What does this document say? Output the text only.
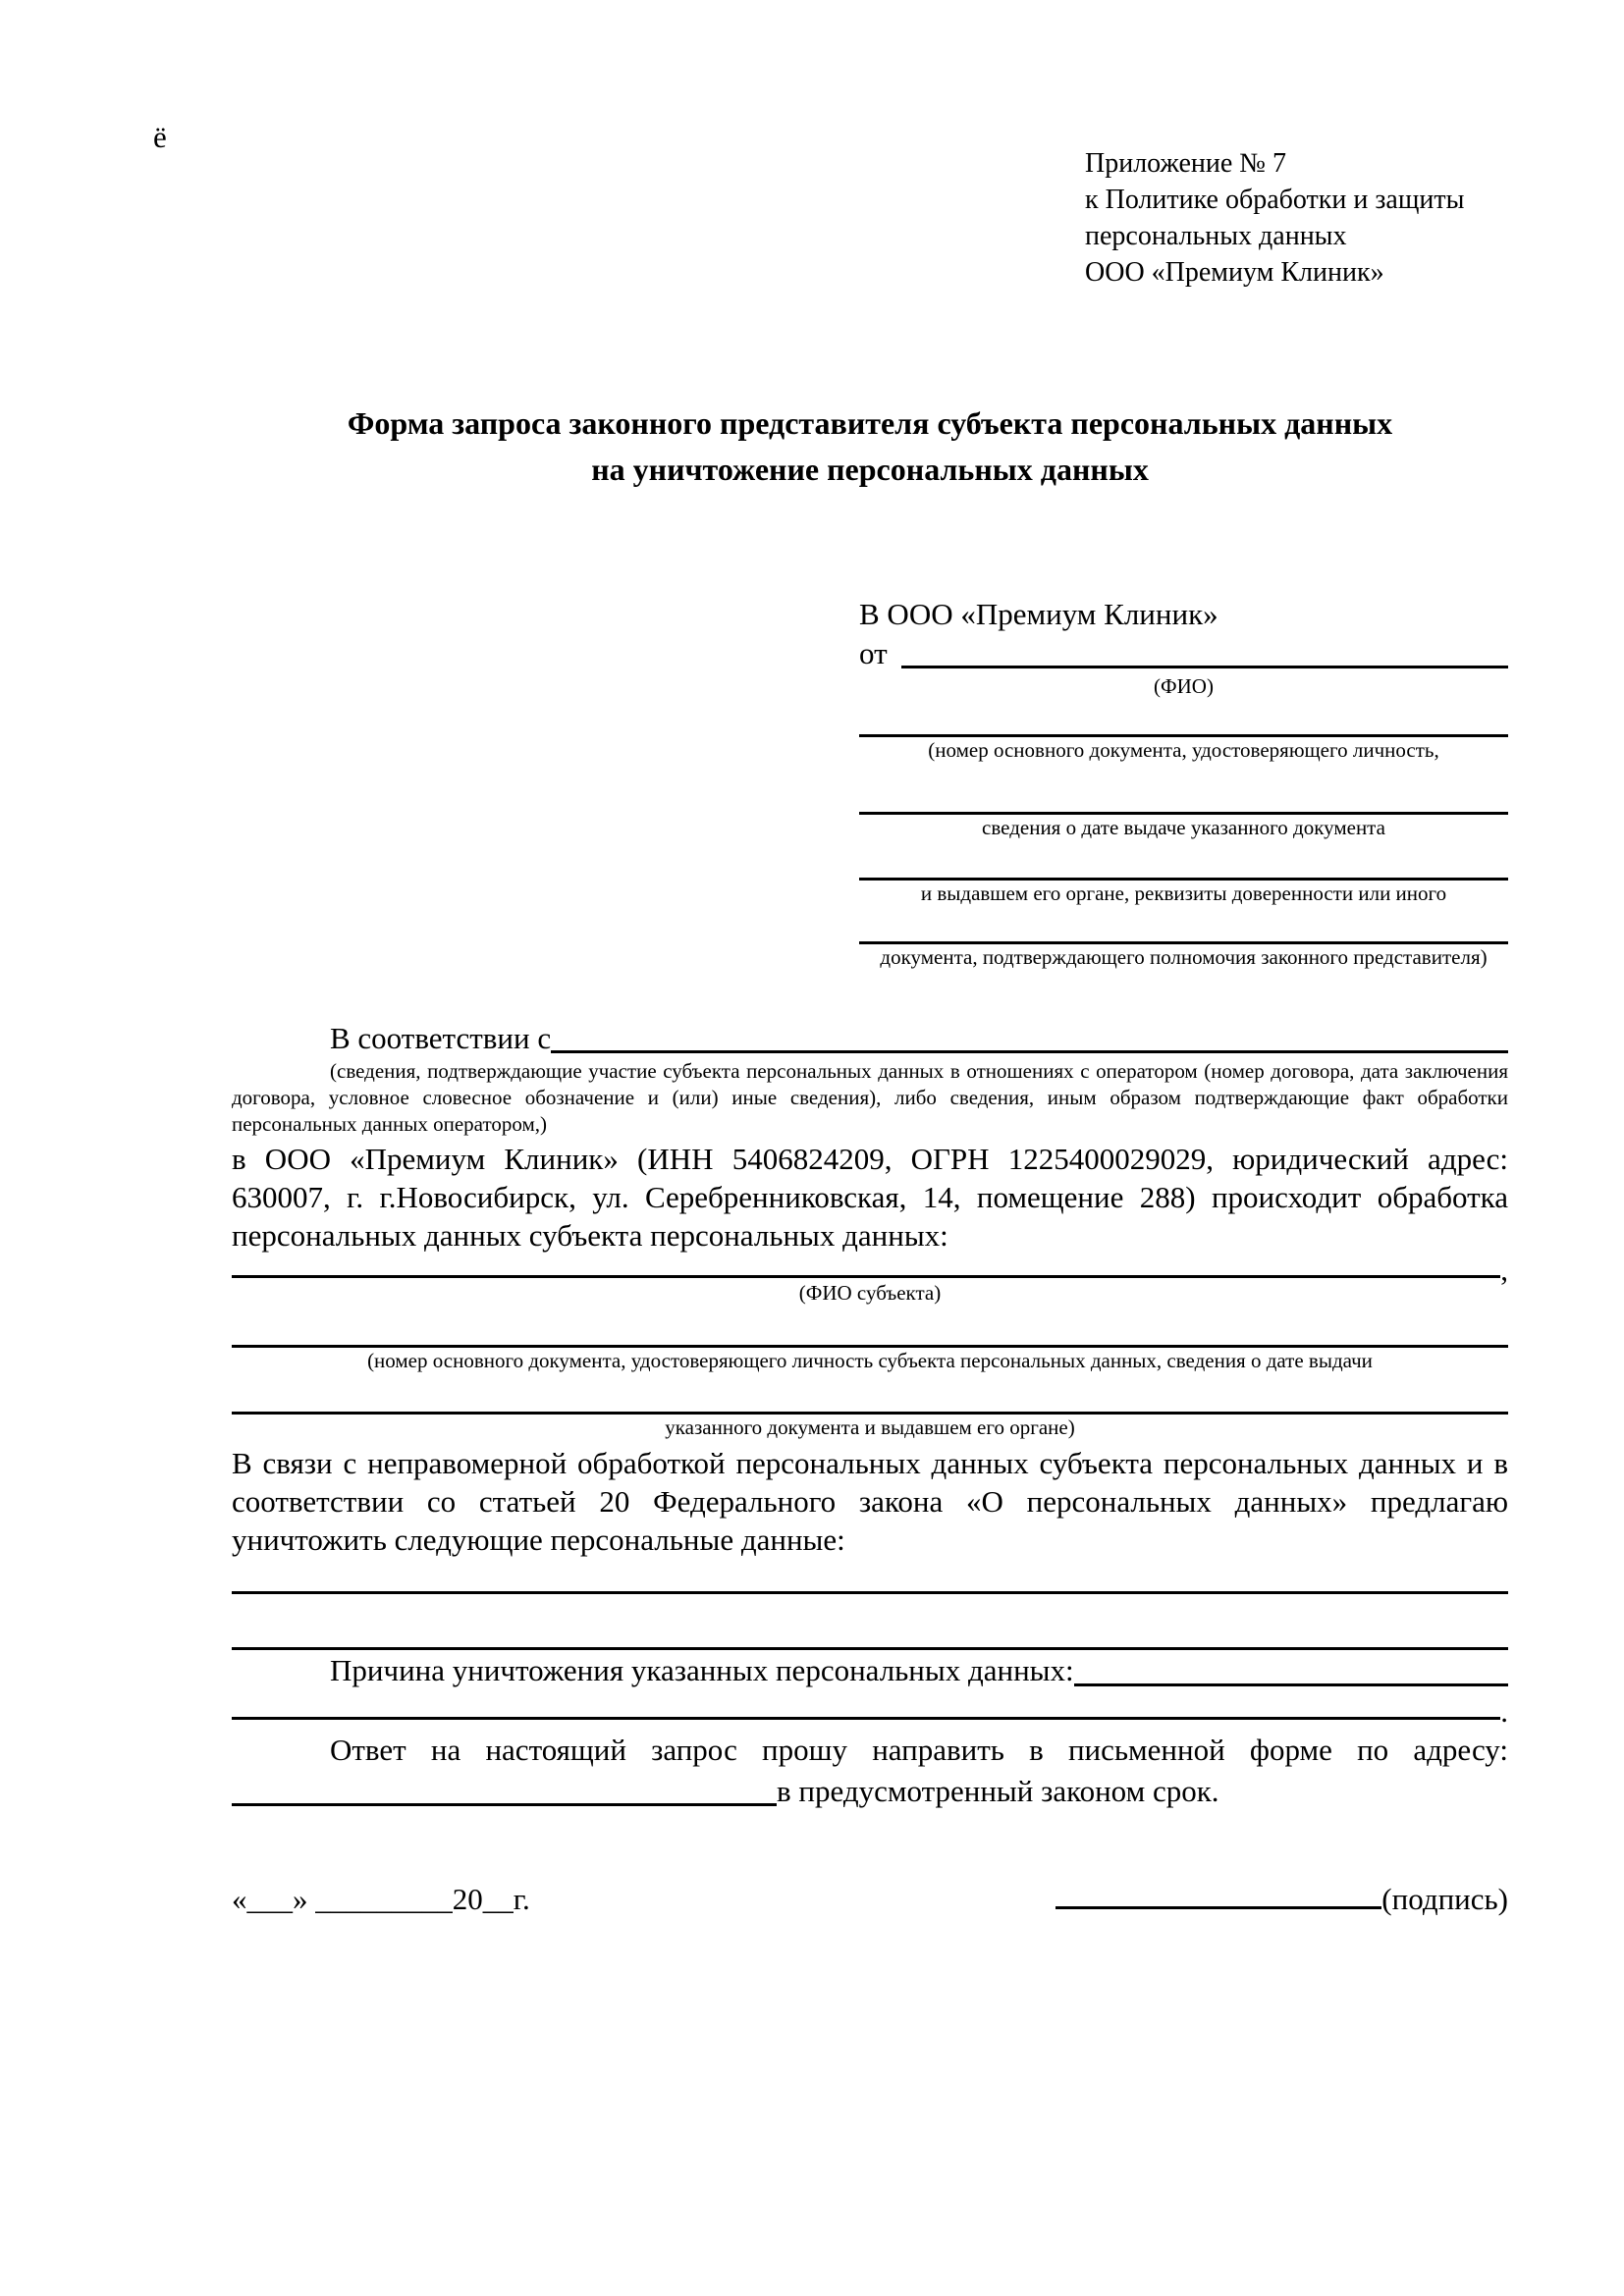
ё
Приложение № 7
к Политике обработки и защиты
персональных данных
ООО «Премиум Клиник»
Форма запроса законного представителя субъекта персональных данных
на уничтожение персональных данных
В ООО «Премиум Клиник»
от
(ФИО)
(номер основного документа, удостоверяющего личность,
сведения о дате выдаче указанного документа
и выдавшем его органе, реквизиты доверенности или иного
документа, подтверждающего полномочия законного представителя)
В соответствии с
(сведения, подтверждающие участие субъекта персональных данных в отношениях с оператором (номер договора, дата заключения договора, условное словесное обозначение и (или) иные сведения), либо сведения, иным образом подтверждающие факт обработки персональных данных оператором,)

в ООО «Премиум Клиник» (ИНН 5406824209, ОГРН 1225400029029, юридический адрес: 630007, г. г.Новосибирск, ул. Серебренниковская, 14, помещение 288) происходит обработка персональных данных субъекта персональных данных:

,
(ФИО субъекта)
(номер основного документа, удостоверяющего личность субъекта персональных данных, сведения о дате выдачи
указанного документа и выдавшем его органе)

В связи с неправомерной обработкой персональных данных субъекта персональных данных и в соответствии со статьей 20 Федерального закона «О персональных данных» предлагаю уничтожить следующие персональные данные:

Причина уничтожения указанных персональных данных:
.
Ответ на настоящий запрос прошу направить в письменной форме по адресу:
в предусмотренный законом срок.
«___» _________20__г.	(подпись)
